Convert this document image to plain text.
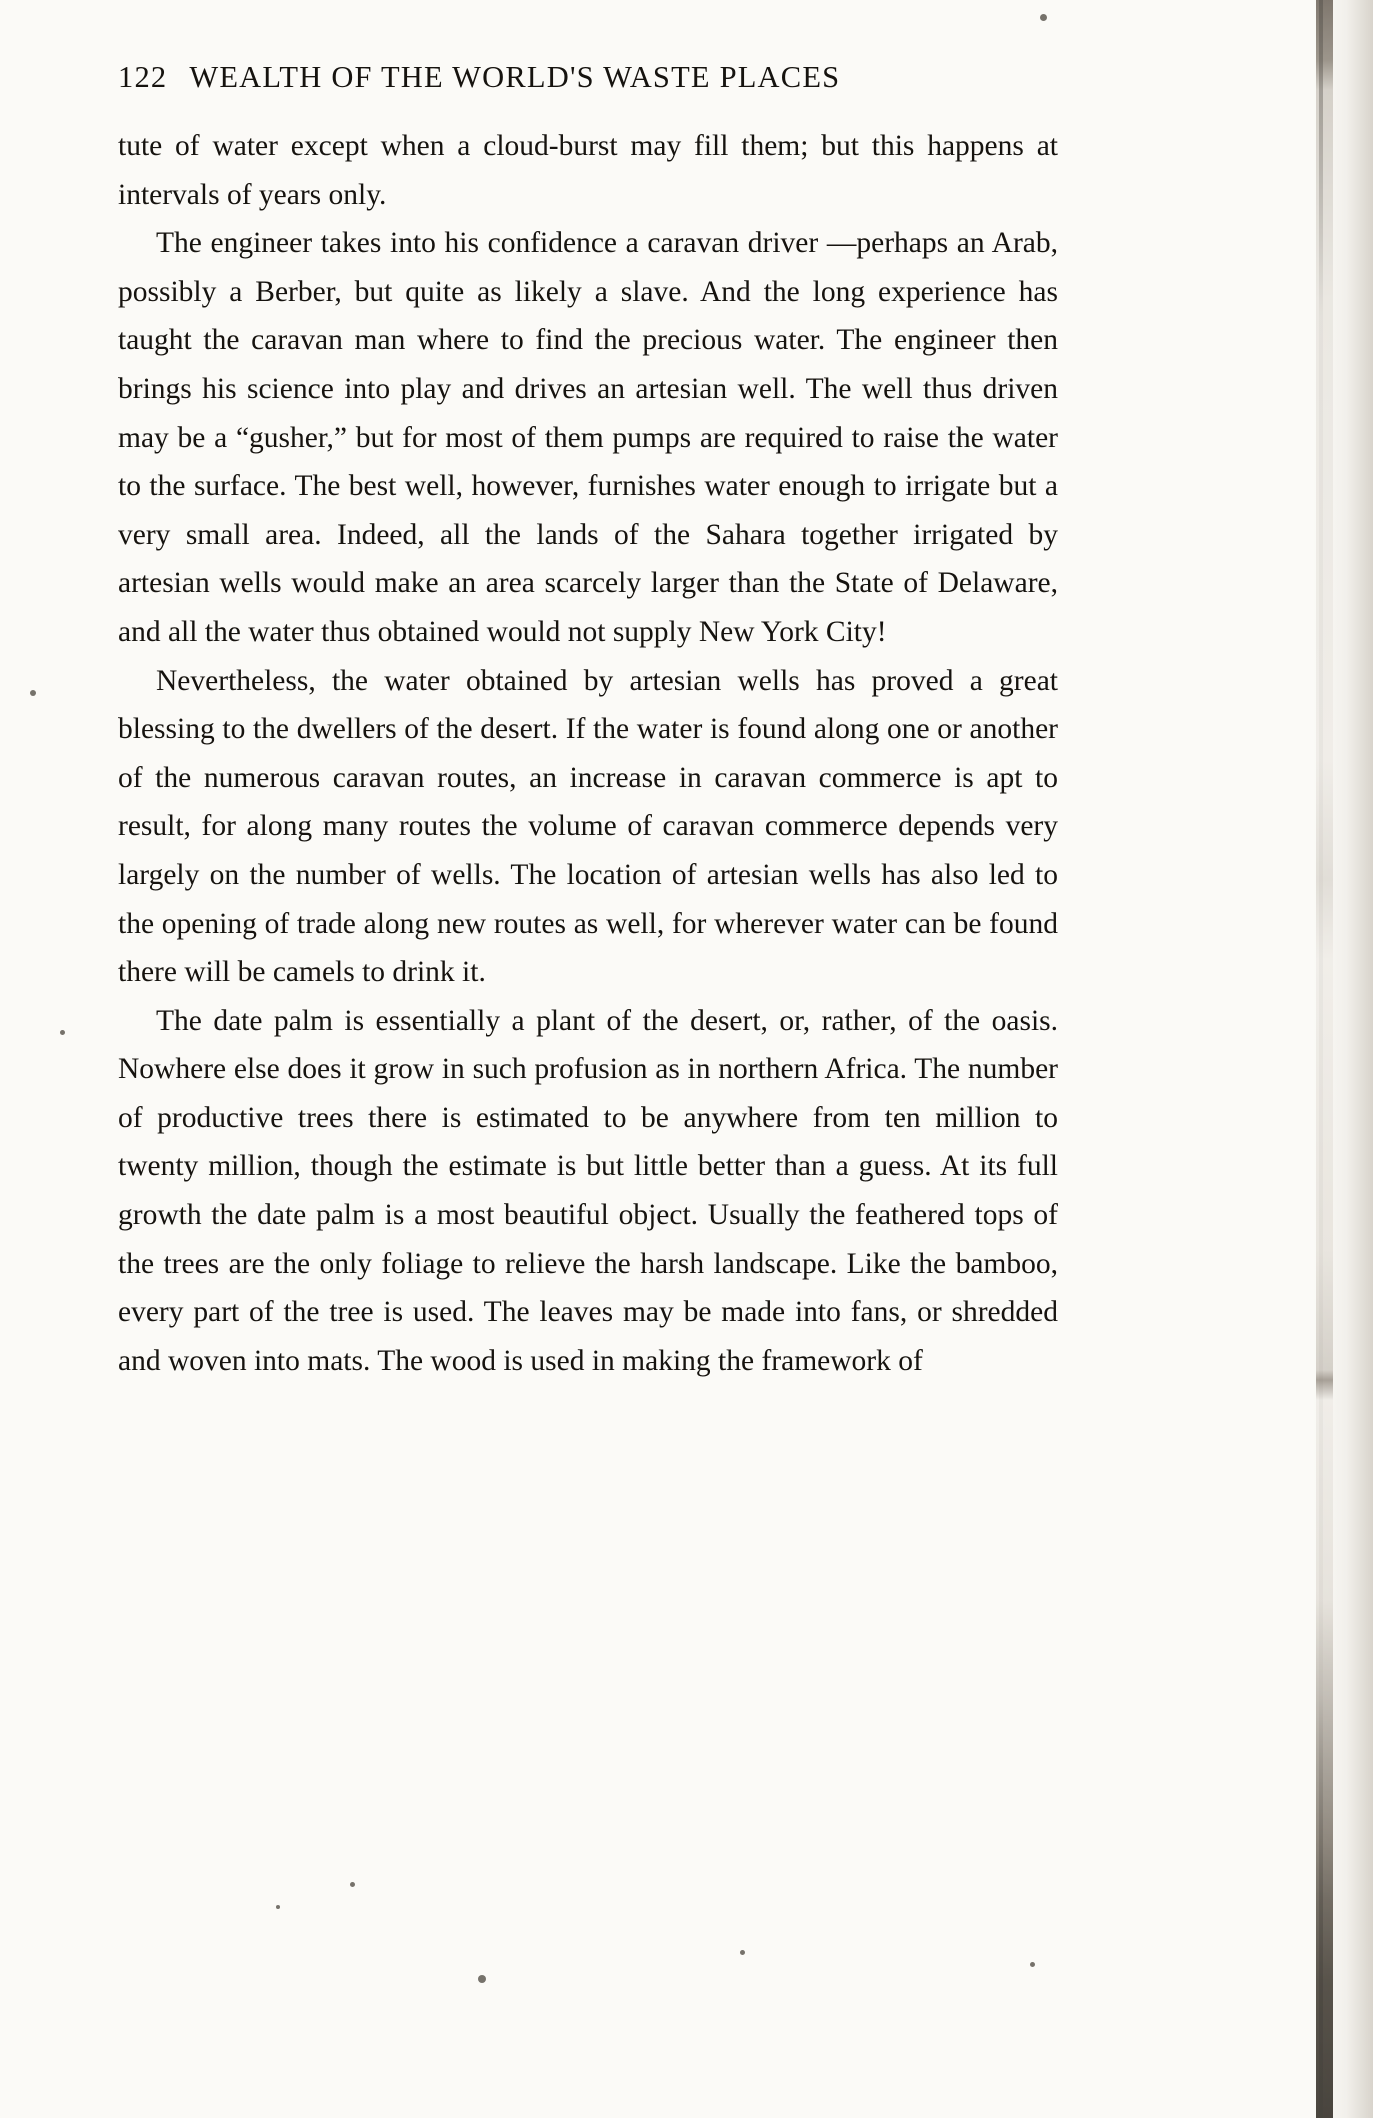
122 WEALTH OF THE WORLD'S WASTE PLACES

tute of water except when a cloud-burst may fill them; but this happens at intervals of years only.

The engineer takes into his confidence a caravan driver —perhaps an Arab, possibly a Berber, but quite as likely a slave. And the long experience has taught the caravan man where to find the precious water. The engineer then brings his science into play and drives an artesian well. The well thus driven may be a “gusher,” but for most of them pumps are required to raise the water to the surface. The best well, however, furnishes water enough to irrigate but a very small area. Indeed, all the lands of the Sahara together irrigated by artesian wells would make an area scarcely larger than the State of Delaware, and all the water thus obtained would not supply New York City!

Nevertheless, the water obtained by artesian wells has proved a great blessing to the dwellers of the desert. If the water is found along one or another of the numerous caravan routes, an increase in caravan commerce is apt to result, for along many routes the volume of caravan commerce depends very largely on the number of wells. The location of artesian wells has also led to the opening of trade along new routes as well, for wherever water can be found there will be camels to drink it.

The date palm is essentially a plant of the desert, or, rather, of the oasis. Nowhere else does it grow in such profusion as in northern Africa. The number of productive trees there is estimated to be anywhere from ten million to twenty million, though the estimate is but little better than a guess. At its full growth the date palm is a most beautiful object. Usually the feathered tops of the trees are the only foliage to relieve the harsh landscape. Like the bamboo, every part of the tree is used. The leaves may be made into fans, or shredded and woven into mats. The wood is used in making the framework of
